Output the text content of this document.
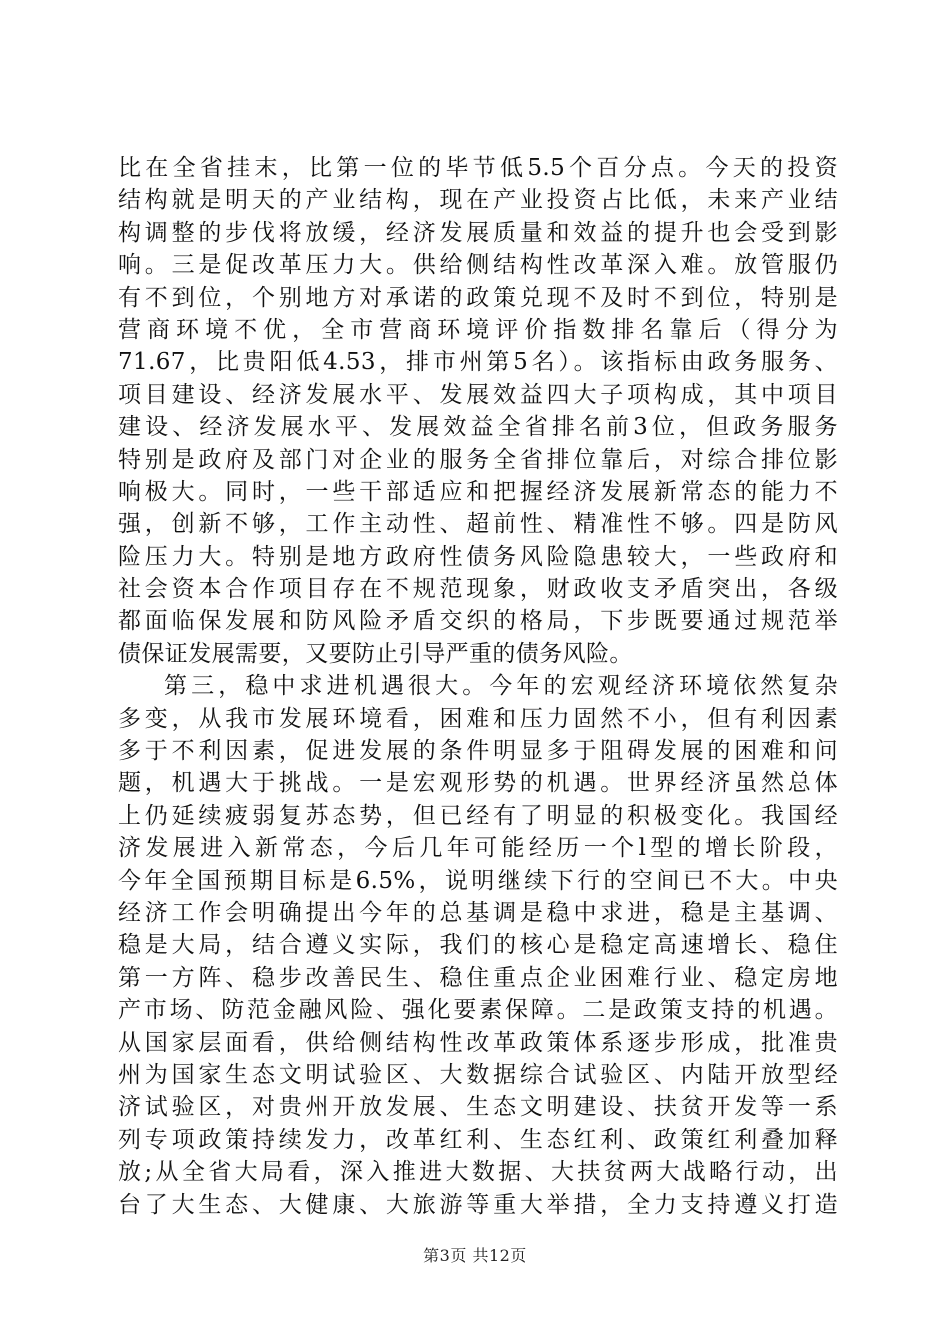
比在全省挂末，比第一位的毕节低5.5个百分点。今天的投资
结构就是明天的产业结构，现在产业投资占比低，未来产业结
构调整的步伐将放缓，经济发展质量和效益的提升也会受到影
响。三是促改革压力大。供给侧结构性改革深入难。放管服仍
有不到位，个别地方对承诺的政策兑现不及时不到位，特别是
营商环境不优，全市营商环境评价指数排名靠后（得分为
71.67，比贵阳低4.53，排市州第5名）。该指标由政务服务、
项目建设、经济发展水平、发展效益四大子项构成，其中项目
建设、经济发展水平、发展效益全省排名前3位，但政务服务
特别是政府及部门对企业的服务全省排位靠后，对综合排位影
响极大。同时，一些干部适应和把握经济发展新常态的能力不
强，创新不够，工作主动性、超前性、精准性不够。四是防风
险压力大。特别是地方政府性债务风险隐患较大，一些政府和
社会资本合作项目存在不规范现象，财政收支矛盾突出，各级
都面临保发展和防风险矛盾交织的格局，下步既要通过规范举
债保证发展需要，又要防止引导严重的债务风险。
第三，稳中求进机遇很大。今年的宏观经济环境依然复杂
多变，从我市发展环境看，困难和压力固然不小，但有利因素
多于不利因素，促进发展的条件明显多于阻碍发展的困难和问
题，机遇大于挑战。一是宏观形势的机遇。世界经济虽然总体
上仍延续疲弱复苏态势，但已经有了明显的积极变化。我国经
济发展进入新常态，今后几年可能经历一个l型的增长阶段，
今年全国预期目标是6.5%，说明继续下行的空间已不大。中央
经济工作会明确提出今年的总基调是稳中求进，稳是主基调、
稳是大局，结合遵义实际，我们的核心是稳定高速增长、稳住
第一方阵、稳步改善民生、稳住重点企业困难行业、稳定房地
产市场、防范金融风险、强化要素保障。二是政策支持的机遇。
从国家层面看，供给侧结构性改革政策体系逐步形成，批准贵
州为国家生态文明试验区、大数据综合试验区、内陆开放型经
济试验区，对贵州开放发展、生态文明建设、扶贫开发等一系
列专项政策持续发力，改革红利、生态红利、政策红利叠加释
放;从全省大局看，深入推进大数据、大扶贫两大战略行动，出
台了大生态、大健康、大旅游等重大举措，全力支持遵义打造
第3页 共12页
